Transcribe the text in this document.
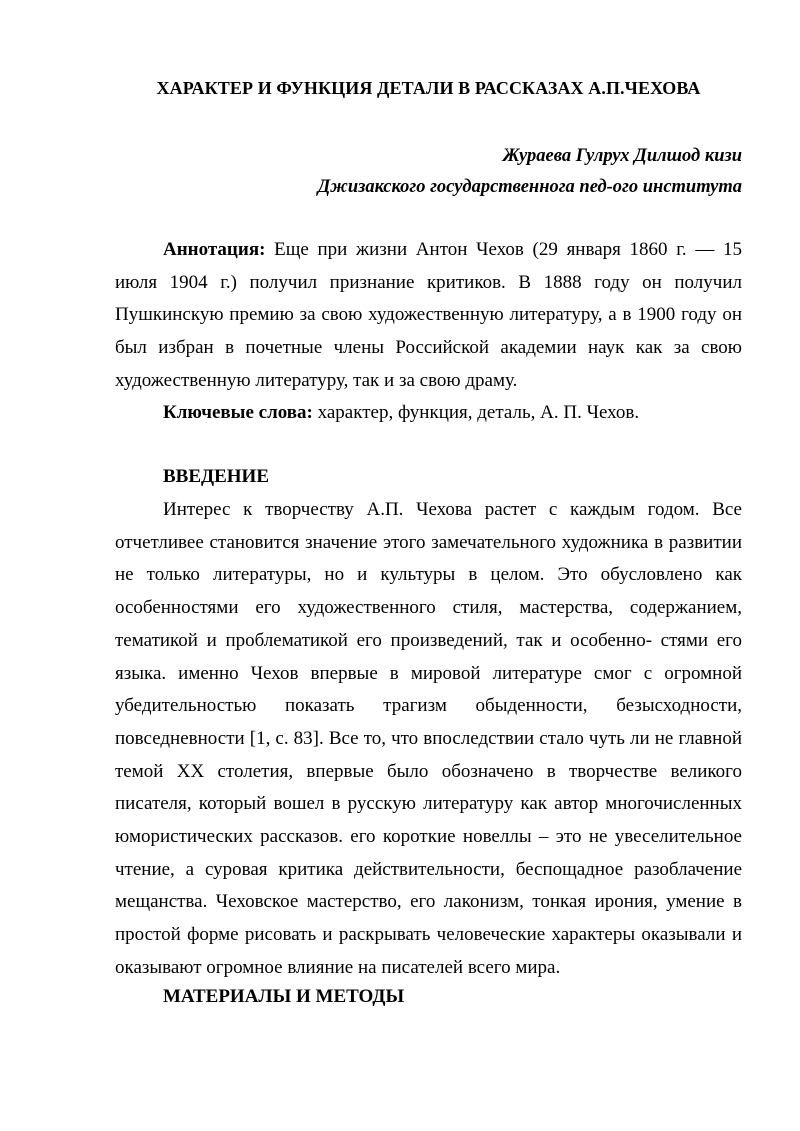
ХАРАКТЕР И ФУНКЦИЯ ДЕТАЛИ В РАССКАЗАХ А.П.ЧЕХОВА
Жураева Гулрух Дилшод кизи
Джизакского государственнога пед-ого института

Аннотация: Еще при жизни Антон Чехов (29 января 1860 г. — 15 июля 1904 г.) получил признание критиков. В 1888 году он получил Пушкинскую премию за свою художественную литературу, а в 1900 году он был избран в почетные члены Российской академии наук как за свою художественную литературу, так и за свою драму.

Ключевые слова: характер, функция, деталь, А. П. Чехов.

ВВЕДЕНИЕ

Интерес к творчеству А.П. Чехова растет с каждым годом. Все отчетливее становится значение этого замечательного художника в развитии не только литературы, но и культуры в целом. Это обусловлено как особенностями его художественного стиля, мастерства, содержанием, тематикой и проблематикой его произведений, так и особенно- стями его языка. именно Чехов впервые в мировой литературе смог с огромной убедительностью показать трагизм обыденности, безысходности, повседневности [1, с. 83]. Все то, что впоследствии стало чуть ли не главной темой XX столетия, впервые было обозначено в творчестве великого писателя, который вошел в русскую литературу как автор многочисленных юмористических рассказов. его короткие новеллы – это не увеселительное чтение, а суровая критика действительности, беспощадное разоблачение мещанства. Чеховское мастерство, его лаконизм, тонкая ирония, умение в простой форме рисовать и раскрывать человеческие характеры оказывали и оказывают огромное влияние на писателей всего мира.

МАТЕРИАЛЫ И МЕТОДЫ
